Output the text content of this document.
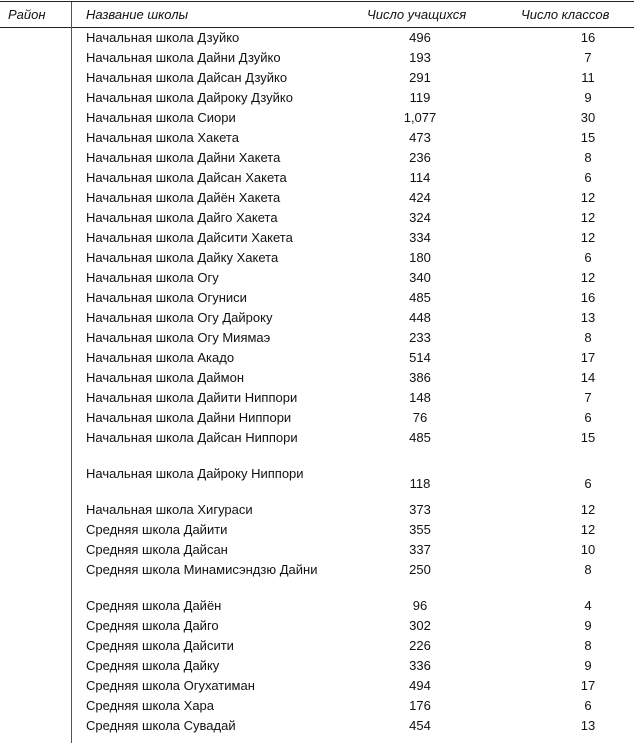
Район	Название школы	Число учащихся	Число классов
	Начальная школа Дзуйко	496	16
	Начальная школа Дайни Дзуйко	193	7
	Начальная школа Дайсан Дзуйко	291	11
	Начальная школа Дайроку Дзуйко	119	9
	Начальная школа Сиори	1,077	30
	Начальная школа Хакета	473	15
	Начальная школа Дайни Хакета	236	8
	Начальная школа Дайсан Хакета	114	6
	Начальная школа Дайён Хакета	424	12
	Начальная школа Дайго Хакета	324	12
	Начальная школа Дайсити Хакета	334	12
	Начальная школа Дайку Хакета	180	6
	Начальная школа Огу	340	12
	Начальная школа Огуниси	485	16
	Начальная школа Огу Дайроку	448	13
	Начальная школа Огу Миямаэ	233	8
	Начальная школа Акадо	514	17
	Начальная школа Даймон	386	14
	Начальная школа Дайити Ниппори	148	7
	Начальная школа Дайни Ниппори	76	6
	Начальная школа Дайсан Ниппори	485	15
	Начальная школа Дайроку Ниппори	118	6
	Начальная школа Хигураси	373	12
	Средняя школа Дайити	355	12
	Средняя школа Дайсан	337	10
	Средняя школа Минамисэндзю Дайни	250	8
	Средняя школа Дайён	96	4
	Средняя школа Дайго	302	9
	Средняя школа Дайсити	226	8
	Средняя школа Дайку	336	9
	Средняя школа Огухатиман	494	17
	Средняя школа Хара	176	6
	Средняя школа Сувадай	454	13
